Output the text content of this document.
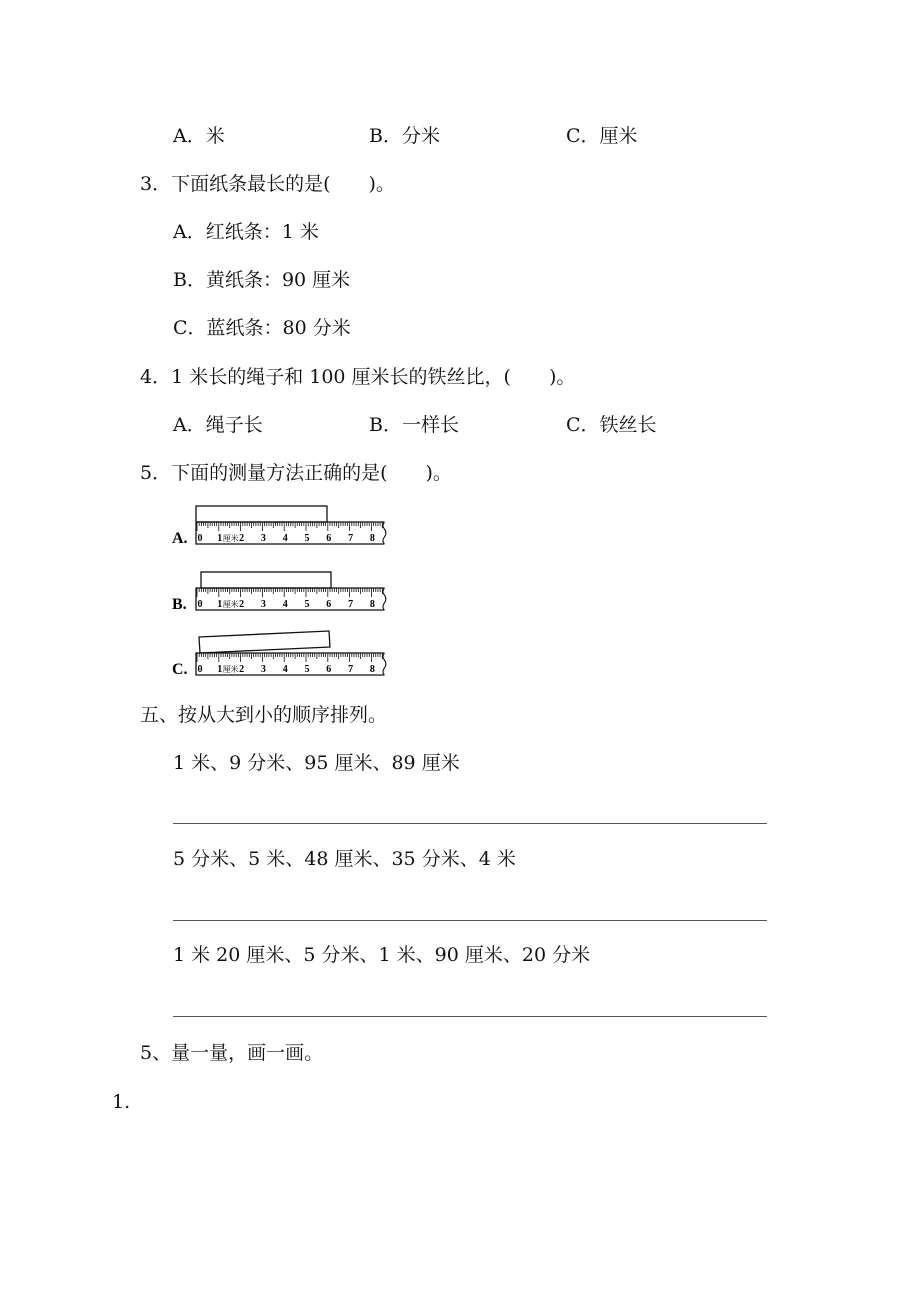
A．米	B．分米	C．厘米
3．下面纸条最长的是(　　)。
A．红纸条：1 米
B．黄纸条：90 厘米
C．蓝纸条：80 分米
4．1 米长的绳子和 100 厘米长的铁丝比，(　　)。
A．绳子长	B．一样长	C．铁丝长
5．下面的测量方法正确的是(　　)。
A. 0 1 2 3 4 5 6 7 8
厘米
B. 0 1 2 3 4 5 6 7 8
厘米
C. 0 1 2 3 4 5 6 7 8
厘米
五、按从大到小的顺序排列。
1 米、9 分米、95 厘米、89 厘米
5 分米、5 米、48 厘米、35 分米、4 米
1 米 20 厘米、5 分米、1 米、90 厘米、20 分米
5、量一量，画一画。
1.
